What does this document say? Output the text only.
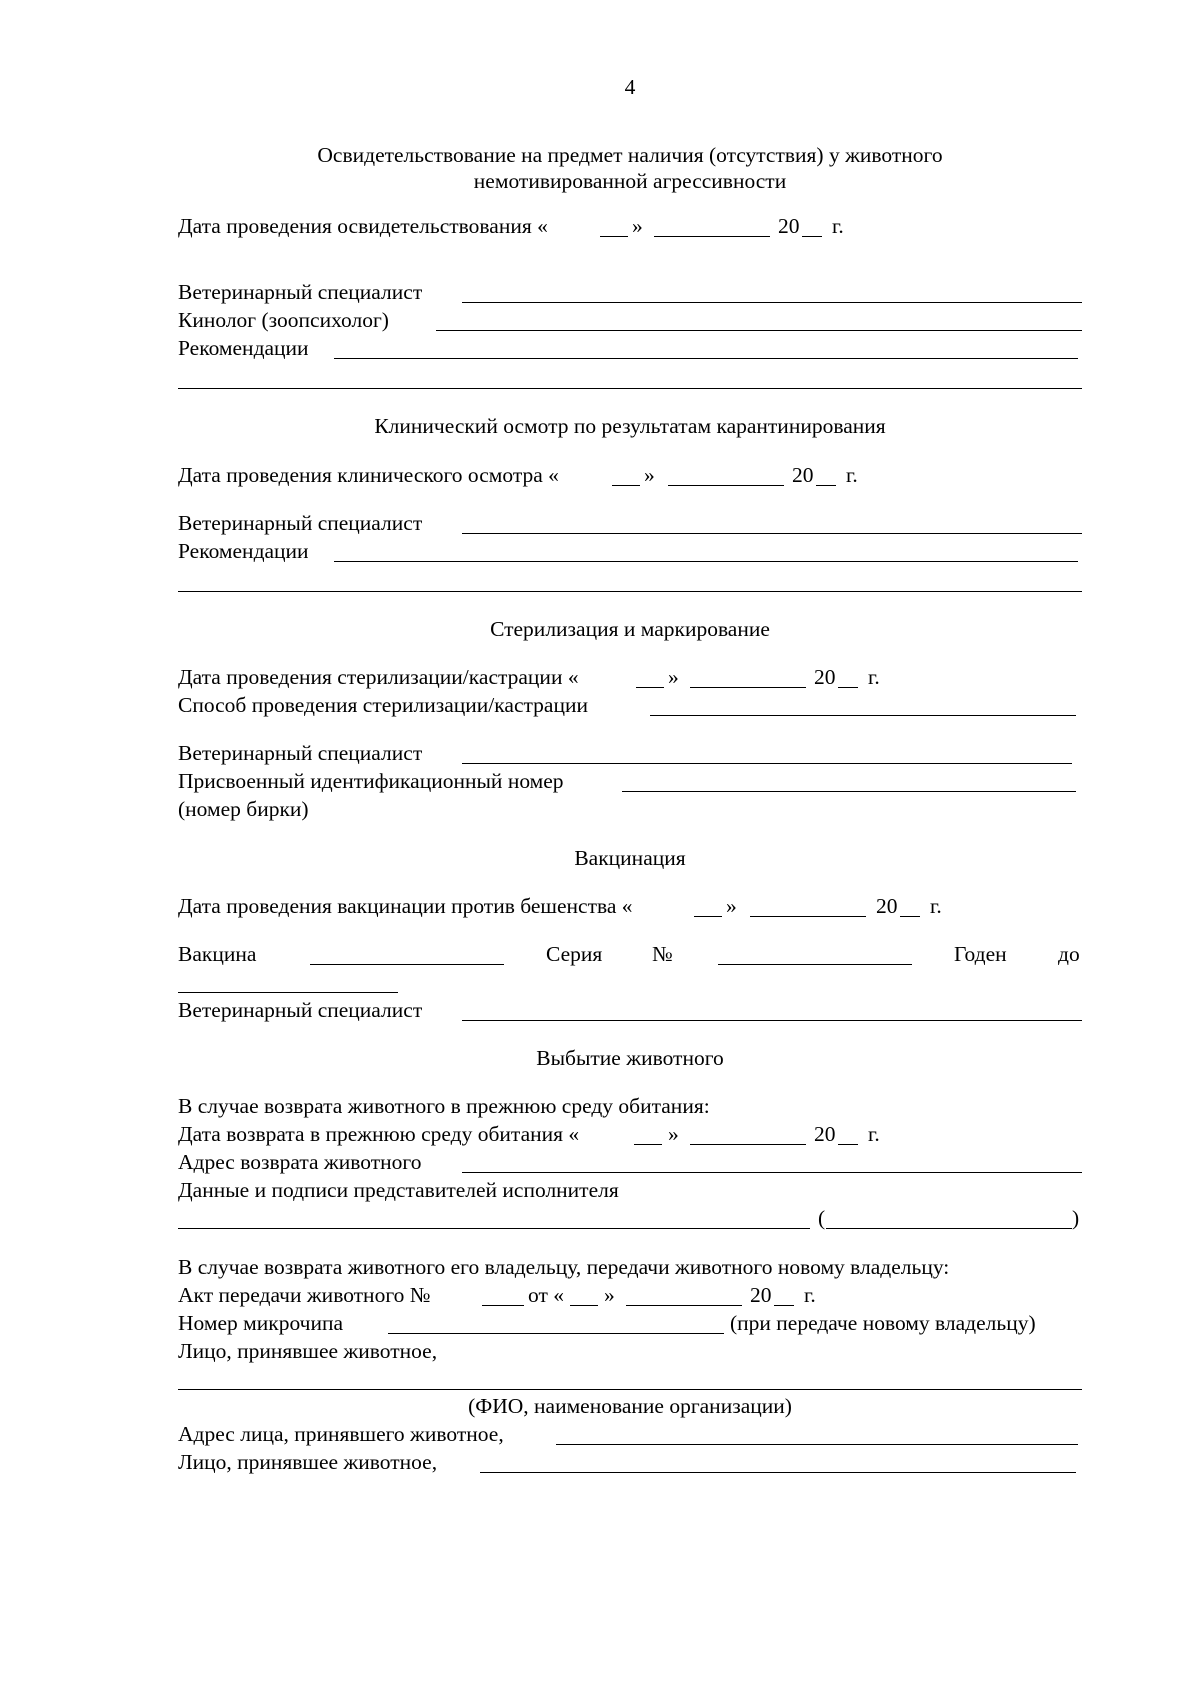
4
Освидетельствование на предмет наличия (отсутствия) у животного
немотивированной агрессивности
Дата проведения освидетельствования «	»	20 г.
Ветеринарный специалист
Кинолог (зоопсихолог)
Рекомендации
Клинический осмотр по результатам карантинирования
Дата проведения клинического осмотра «	»	20 г.
Ветеринарный специалист
Рекомендации
Стерилизация и маркирование
Дата проведения стерилизации/кастрации «	»	20 г.
Способ проведения стерилизации/кастрации
Ветеринарный специалист
Присвоенный идентификационный номер
(номер бирки)
Вакцинация
Дата проведения вакцинации против бешенства «	»	20 г.
Вакцина	Серия №	Годен до
Ветеринарный специалист
Выбытие животного
В случае возврата животного в прежнюю среду обитания:
Дата возврата в прежнюю среду обитания «	»	20 г.
Адрес возврата животного
Данные и подписи представителей исполнителя
(	)
В случае возврата животного его владельцу, передачи животного новому владельцу:
Акт передачи животного №	от « »	20 г.
Номер микрочипа	(при передаче новому владельцу)
Лицо, принявшее животное,
(ФИО, наименование организации)
Адрес лица, принявшего животное,
Лицо, принявшее животное,
